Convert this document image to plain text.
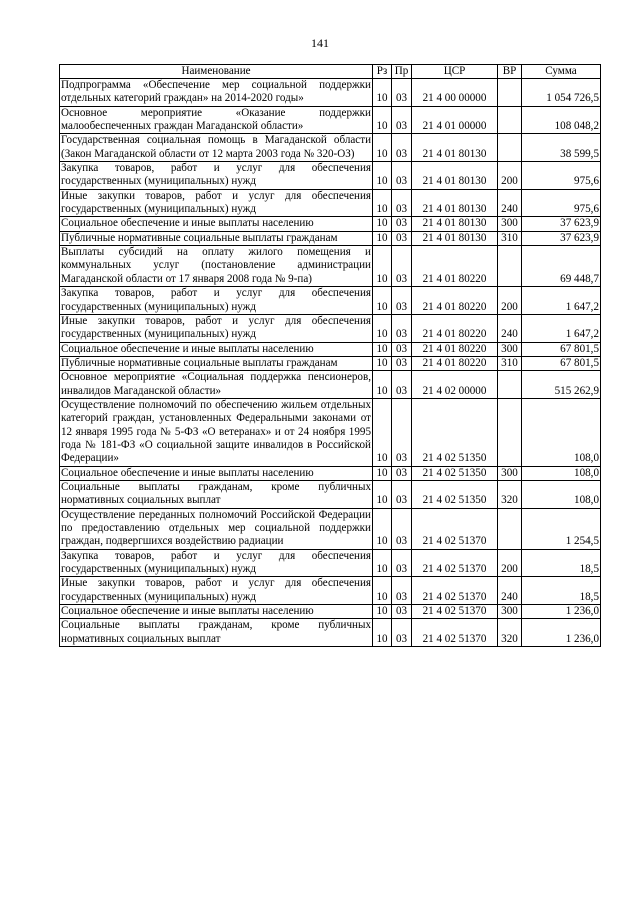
141
Наименование	Рз	Пр	ЦСР	ВР	Сумма
Подпрограмма «Обеспечение мер социальной поддержки отдельных категорий граждан» на 2014-2020 годы»	10	03	21 4 00 00000		1 054 726,5
Основное мероприятие «Оказание поддержки малообеспеченных граждан Магаданской области»	10	03	21 4 01 00000		108 048,2
Государственная социальная помощь в Магаданской области (Закон Магаданской области от 12 марта 2003 года № 320-ОЗ)	10	03	21 4 01 80130		38 599,5
Закупка товаров, работ и услуг для обеспечения государственных (муниципальных) нужд	10	03	21 4 01 80130	200	975,6
Иные закупки товаров, работ и услуг для обеспечения государственных (муниципальных) нужд	10	03	21 4 01 80130	240	975,6
Социальное обеспечение и иные выплаты населению	10	03	21 4 01 80130	300	37 623,9
Публичные нормативные социальные выплаты гражданам	10	03	21 4 01 80130	310	37 623,9
Выплаты субсидий на оплату жилого помещения и коммунальных услуг (постановление администрации Магаданской области от 17 января 2008 года № 9-па)	10	03	21 4 01 80220		69 448,7
Закупка товаров, работ и услуг для обеспечения государственных (муниципальных) нужд	10	03	21 4 01 80220	200	1 647,2
Иные закупки товаров, работ и услуг для обеспечения государственных (муниципальных) нужд	10	03	21 4 01 80220	240	1 647,2
Социальное обеспечение и иные выплаты населению	10	03	21 4 01 80220	300	67 801,5
Публичные нормативные социальные выплаты гражданам	10	03	21 4 01 80220	310	67 801,5
Основное мероприятие «Социальная поддержка пенсионеров, инвалидов Магаданской области»	10	03	21 4 02 00000		515 262,9
Осуществление полномочий по обеспечению жильем отдельных категорий граждан, установленных Федеральными законами от 12 января 1995 года № 5-ФЗ «О ветеранах» и от 24 ноября 1995 года № 181-ФЗ «О социальной защите инвалидов в Российской Федерации»	10	03	21 4 02 51350		108,0
Социальное обеспечение и иные выплаты населению	10	03	21 4 02 51350	300	108,0
Социальные выплаты гражданам, кроме публичных нормативных социальных выплат	10	03	21 4 02 51350	320	108,0
Осуществление переданных полномочий Российской Федерации по предоставлению отдельных мер социальной поддержки граждан, подвергшихся воздействию радиации	10	03	21 4 02 51370		1 254,5
Закупка товаров, работ и услуг для обеспечения государственных (муниципальных) нужд	10	03	21 4 02 51370	200	18,5
Иные закупки товаров, работ и услуг для обеспечения государственных (муниципальных) нужд	10	03	21 4 02 51370	240	18,5
Социальное обеспечение и иные выплаты населению	10	03	21 4 02 51370	300	1 236,0
Социальные выплаты гражданам, кроме публичных нормативных социальных выплат	10	03	21 4 02 51370	320	1 236,0
